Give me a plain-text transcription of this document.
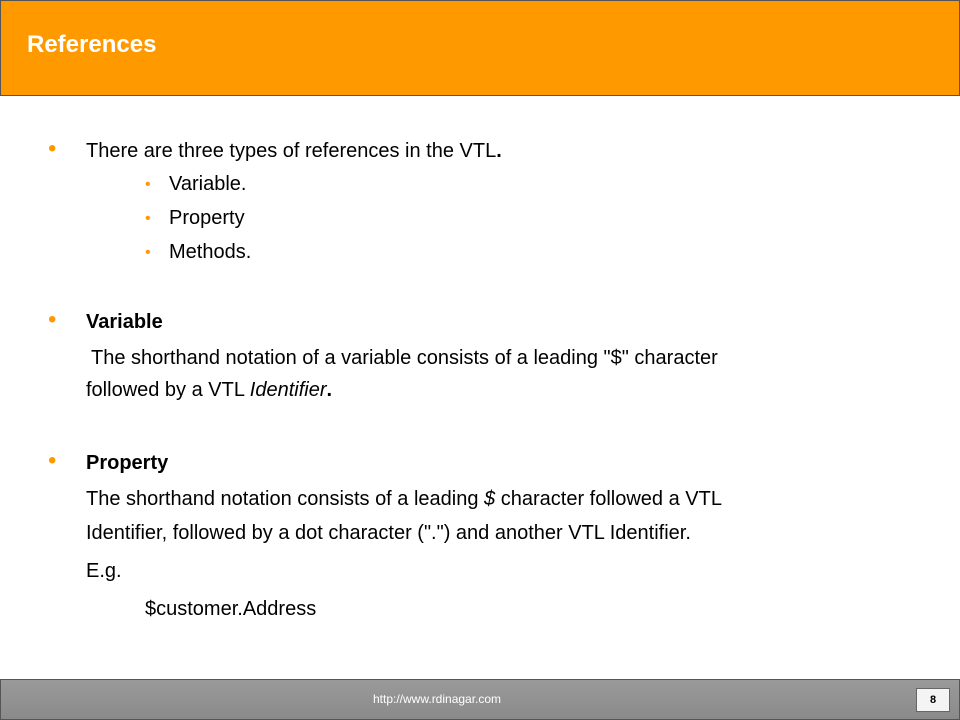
References
• There are three types of references in the VTL.
• Variable.
• Property
• Methods.
• Variable
The shorthand notation of a variable consists of a leading "$" character
followed by a VTL Identifier.
• Property
The shorthand notation consists of a leading $ character followed a VTL
Identifier, followed by a dot character (".") and another VTL Identifier.
E.g.
$customer.Address
http://www.rdinagar.com	8
